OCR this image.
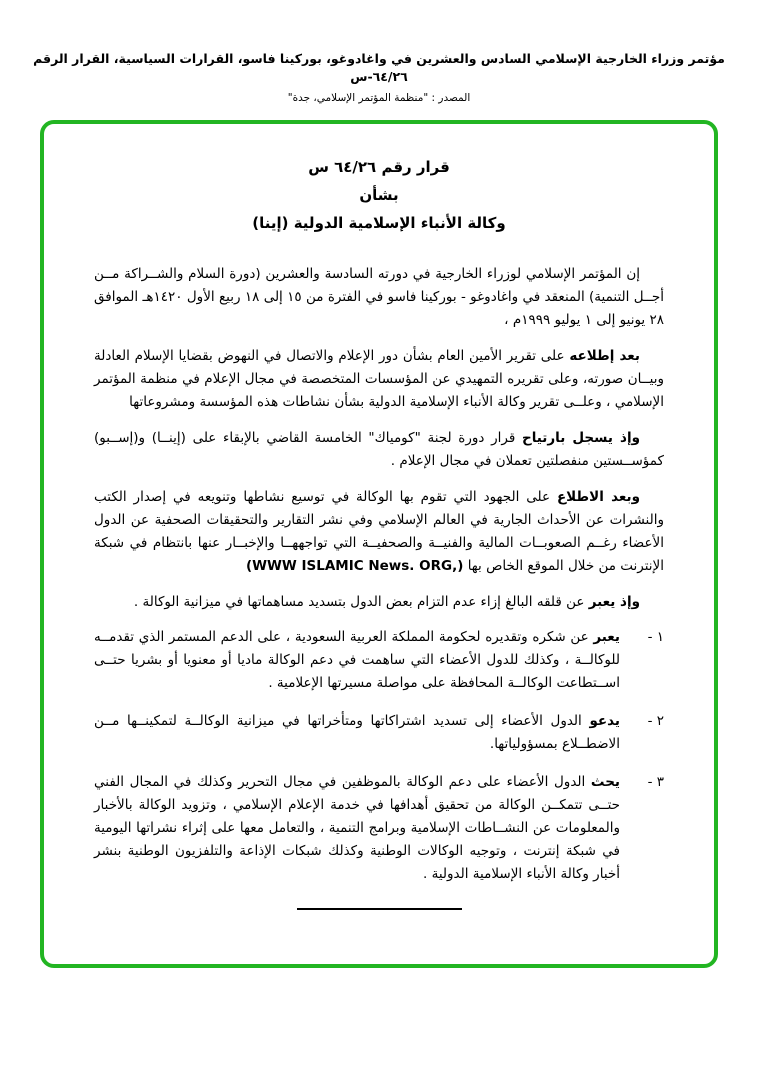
مؤتمر وزراء الخارجية الإسلامي السادس والعشرين في واغادوغو، بوركينا فاسو، القرارات السياسية، القرار الرقم ٦٤/٢٦-س
المصدر : "منظمة المؤتمر الإسلامي، جدة"
قرار رقم ٦٤/٢٦ س
بشأن
وكالة الأنباء الإسلامية الدولية (إينا)

إن المؤتمر الإسلامي لوزراء الخارجية في دورته السادسة والعشرين (دورة السلام والشــراكة مــن أجــل التنمية) المنعقد في واغادوغو - بوركينا فاسو في الفترة من ١٥ إلى ١٨ ربيع الأول ١٤٢٠هـ الموافق ٢٨ يونيو إلى ١ يوليو ١٩٩٩م ،

بعد إطلاعه على تقرير الأمين العام بشأن دور الإعلام والاتصال في النهوض بقضايا الإسلام العادلة وبيــان صورته، وعلى تقريره التمهيدي عن المؤسسات المتخصصة في مجال الإعلام في منظمة المؤتمر الإسلامي ، وعلــى تقرير وكالة الأنباء الإسلامية الدولية بشأن نشاطات هذه المؤسسة ومشروعاتها

وإذ يسجل بارتياح قرار دورة لجنة "كومياك" الخامسة القاضي بالإبقاء على (إينــا) و(إســبو) كمؤســستين منفصلتين تعملان في مجال الإعلام .

وبعد الاطلاع على الجهود التي تقوم بها الوكالة في توسيع نشاطها وتنويعه في إصدار الكتب والنشرات عن الأحداث الجارية في العالم الإسلامي وفي نشر التقارير والتحقيقات الصحفية عن الدول الأعضاء رغــم الصعوبــات المالية والفنيــة والصحفيــة التي تواجههــا والإخبــار عنها بانتظام في شبكة الإنترنت من خلال الموقع الخاص بها (WWW ISLAMIC News. ORG,)

وإذ يعبر عن قلقه البالغ إزاء عدم التزام بعض الدول بتسديد مساهماتها في ميزانية الوكالة .

١ -

يعبر عن شكره وتقديره لحكومة المملكة العربية السعودية ، على الدعم المستمر الذي تقدمــه للوكالــة ، وكذلك للدول الأعضاء التي ساهمت في دعم الوكالة ماديا أو معنويا أو بشريا حتــى اســتطاعت الوكالــة المحافظة على مواصلة مسيرتها الإعلامية .

٢ -

يدعو الدول الأعضاء إلى تسديد اشتراكاتها ومتأخراتها في ميزانية الوكالــة لتمكينــها مــن الاضطــلاع بمسؤولياتها.

٣ -

يحث الدول الأعضاء على دعم الوكالة بالموظفين في مجال التحرير وكذلك في المجال الفني حتــى تتمكــن الوكالة من تحقيق أهدافها في خدمة الإعلام الإسلامي ، وتزويد الوكالة بالأخبار والمعلومات عن النشــاطات الإسلامية وبرامج التنمية ، والتعامل معها على إثراء نشراتها اليومية في شبكة إنترنت ، وتوجيه الوكالات الوطنية وكذلك شبكات الإذاعة والتلفزيون الوطنية بنشر أخبار وكالة الأنباء الإسلامية الدولية .
